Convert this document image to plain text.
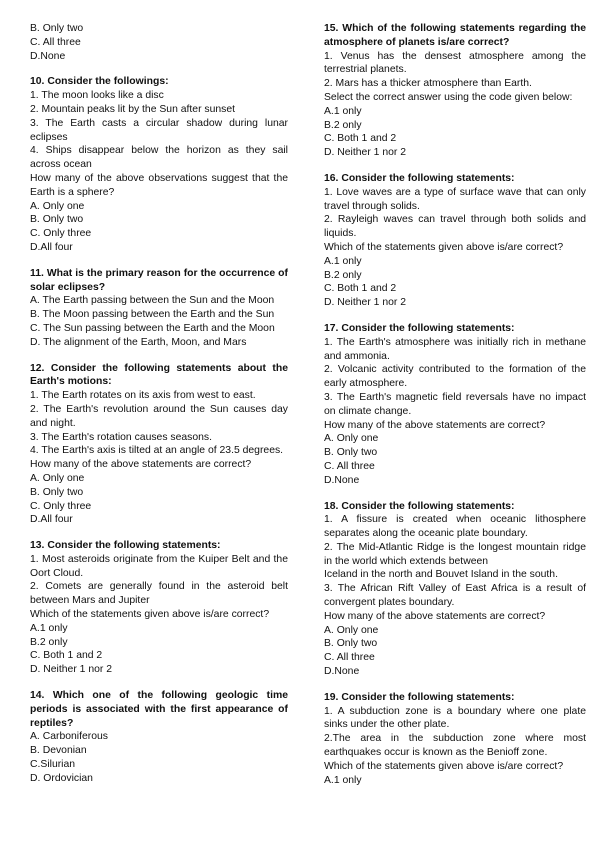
B. Only two
C. All three
D.None
10. Consider the followings:
1. The moon looks like a disc
2. Mountain peaks lit by the Sun after sunset
3. The Earth casts a circular shadow during lunar eclipses
4. Ships disappear below the horizon as they sail across ocean
How many of the above observations suggest that the Earth is a sphere?
A. Only one
B. Only two
C. Only three
D.All four
11. What is the primary reason for the occurrence of solar eclipses?
A. The Earth passing between the Sun and the Moon
B. The Moon passing between the Earth and the Sun
C. The Sun passing between the Earth and the Moon
D. The alignment of the Earth, Moon, and Mars
12. Consider the following statements about the Earth's motions:
1. The Earth rotates on its axis from west to east.
2. The Earth's revolution around the Sun causes day and night.
3. The Earth's rotation causes seasons.
4. The Earth's axis is tilted at an angle of 23.5 degrees.
How many of the above statements are correct?
A. Only one
B. Only two
C. Only three
D.All four
13. Consider the following statements:
1. Most asteroids originate from the Kuiper Belt and the Oort Cloud.
2. Comets are generally found in the asteroid belt between Mars and Jupiter
Which of the statements given above is/are correct?
A.1 only
B.2 only
C. Both 1 and 2
D. Neither 1 nor 2
14. Which one of the following geologic time periods is associated with the first appearance of reptiles?
A. Carboniferous
B. Devonian
C.Silurian
D. Ordovician
15. Which of the following statements regarding the atmosphere of planets is/are correct?
1. Venus has the densest atmosphere among the terrestrial planets.
2. Mars has a thicker atmosphere than Earth.
Select the correct answer using the code given below:
A.1 only
B.2 only
C. Both 1 and 2
D. Neither 1 nor 2
16. Consider the following statements:
1. Love waves are a type of surface wave that can only travel through solids.
2. Rayleigh waves can travel through both solids and liquids.
Which of the statements given above is/are correct?
A.1 only
B.2 only
C. Both 1 and 2
D. Neither 1 nor 2
17. Consider the following statements:
1. The Earth's atmosphere was initially rich in methane and ammonia.
2. Volcanic activity contributed to the formation of the early atmosphere.
3. The Earth's magnetic field reversals have no impact on climate change.
How many of the above statements are correct?
A. Only one
B. Only two
C. All three
D.None
18. Consider the following statements:
1. A fissure is created when oceanic lithosphere separates along the oceanic plate boundary.
2. The Mid-Atlantic Ridge is the longest mountain ridge in the world which extends between
Iceland in the north and Bouvet Island in the south.
3. The African Rift Valley of East Africa is a result of convergent plates boundary.
How many of the above statements are correct?
A. Only one
B. Only two
C. All three
D.None
19. Consider the following statements:
1. A subduction zone is a boundary where one plate sinks under the other plate.
2.The area in the subduction zone where most earthquakes occur is known as the Benioff zone.
Which of the statements given above is/are correct?
A.1 only
